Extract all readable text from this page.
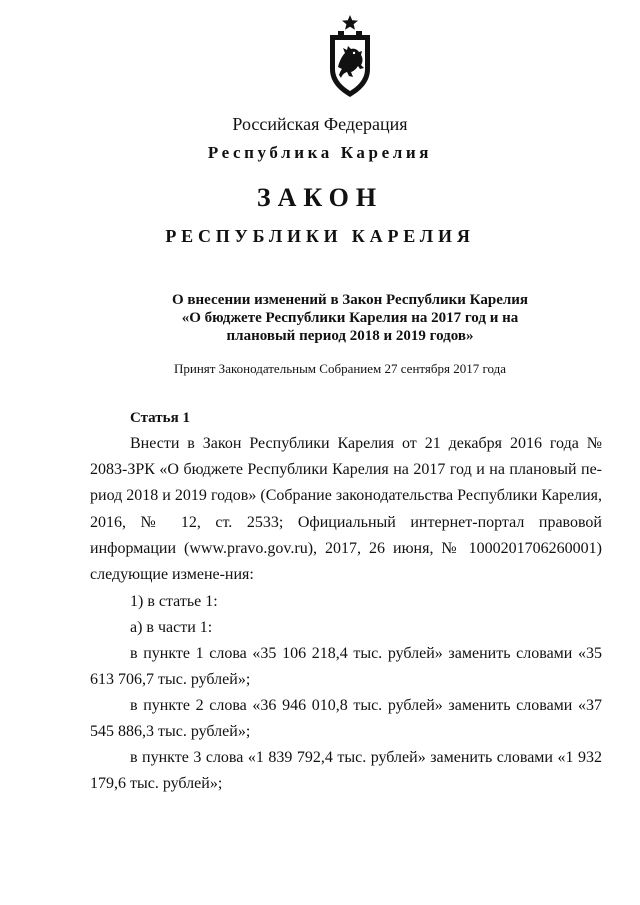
Российская Федерация
Республика Карелия
ЗАКОН
РЕСПУБЛИКИ КАРЕЛИЯ
О внесении изменений в Закон Республики Карелия
«О бюджете Республики Карелия на 2017 год и на
плановый период 2018 и 2019 годов»
Принят Законодательным Собранием 27 сентября 2017 года
Статья 1
Внести в Закон Республики Карелия от 21 декабря 2016 года № 2083-ЗРК «О бюджете Республики Карелия на 2017 год и на плановый пе-риод 2018 и 2019 годов» (Собрание законодательства Республики Карелия, 2016, № 12, ст. 2533; Официальный интернет-портал правовой информации (www.pravo.gov.ru), 2017, 26 июня, № 1000201706260001) следующие измене-ния:
1) в статье 1:
а) в части 1:
в пункте 1 слова «35 106 218,4 тыс. рублей» заменить словами «35 613 706,7 тыс. рублей»;
в пункте 2 слова «36 946 010,8 тыс. рублей» заменить словами «37 545 886,3 тыс. рублей»;
в пункте 3 слова «1 839 792,4 тыс. рублей» заменить словами «1 932 179,6 тыс. рублей»;
